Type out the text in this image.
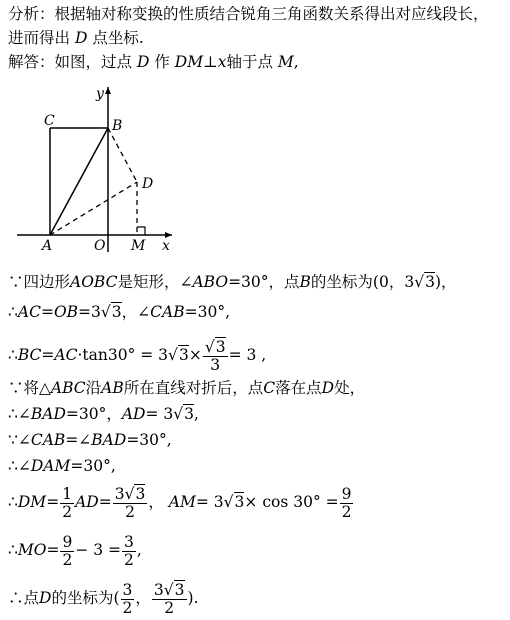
分析：根据轴对称变换的性质结合锐角三角函数关系得出对应线段长，
进而得出 D 点坐标.
解答：如图，过点 D 作 DM⊥x轴于点 M,
C	B
D
A	O M x
y
∵四边形AOBC是矩形，∠ABO=30°，点B的坐标为(0，3√3)，
∴AC=OB=3√3，∠CAB=30°,
∴BC=AC·tan30° = $3√3\times \frac{√3}{3} = 3$ ,
∵将△ABC沿AB所在直线对折后，点C落在点D处，
∴∠BAD=30°，AD= 3√3,
∵∠CAB=∠BAD=30°,
∴∠DAM=30°,
∴DM= $\frac{1}{2} AD= \frac{3√3}{2}$ ， $AM= 3√3\times \cos 30^\circ = \frac{9}{2}$
∴MO= $\frac{9}{2} - 3 = \frac{3}{2}$ ,
∴点D的坐标为( $\frac{3}{2}$ ， $\frac{3√3}{2}$ ).
